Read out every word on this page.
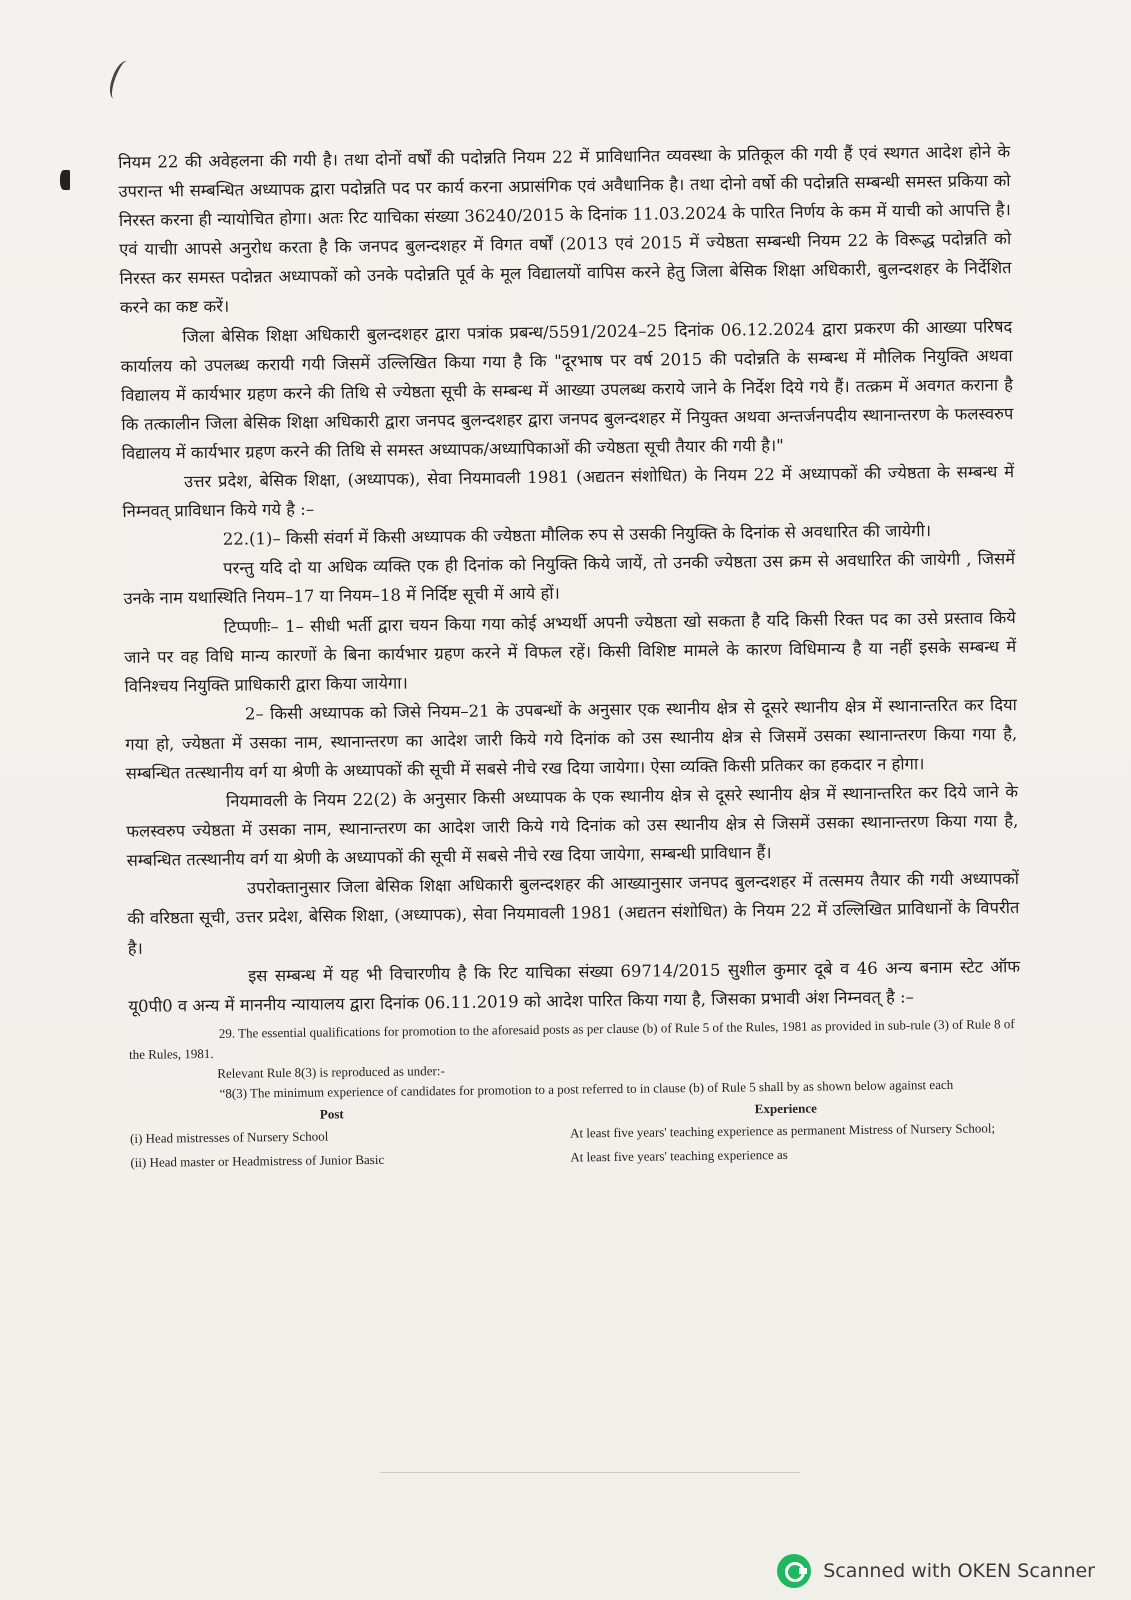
नियम 22 की अवेहलना की गयी है। तथा दोनों वर्षों की पदोन्नति नियम 22 में प्राविधानित व्यवस्था के प्रतिकूल की गयी हैं एवं स्थगत आदेश होने के उपरान्त भी सम्बन्धित अध्यापक द्वारा पदोन्नति पद पर कार्य करना अप्रासंगिक एवं अवैधानिक है। तथा दोनो वर्षो की पदोन्नति सम्बन्धी समस्त प्रकिया को निरस्त करना ही न्यायोचित होगा। अतः रिट याचिका संख्या 36240/2015 के दिनांक 11.03.2024 के पारित निर्णय के कम में याची को आपत्ति है। एवं याचीा आपसे अनुरोध करता है कि जनपद बुलन्दशहर में विगत वर्षों (2013 एवं 2015 में ज्येष्ठता सम्बन्धी नियम 22 के विरूद्ध पदोन्नति को निरस्त कर समस्त पदोन्नत अध्यापकों को उनके पदोन्नति पूर्व के मूल विद्यालयों वापिस करने हेतु जिला बेसिक शिक्षा अधिकारी, बुलन्दशहर के निर्देशित करने का कष्ट करें।

जिला बेसिक शिक्षा अधिकारी बुलन्दशहर द्वारा पत्रांक प्रबन्ध/5591/2024–25 दिनांक 06.12.2024 द्वारा प्रकरण की आख्या परिषद कार्यालय को उपलब्ध करायी गयी जिसमें उल्लिखित किया गया है कि "दूरभाष पर वर्ष 2015 की पदोन्नति के सम्बन्ध में मौलिक नियुक्ति अथवा विद्यालय में कार्यभार ग्रहण करने की तिथि से ज्येष्ठता सूची के सम्बन्ध में आख्या उपलब्ध कराये जाने के निर्देश दिये गये हैं। तत्क्रम में अवगत कराना है कि तत्कालीन जिला बेसिक शिक्षा अधिकारी द्वारा जनपद बुलन्दशहर द्वारा जनपद बुलन्दशहर में नियुक्त अथवा अन्तर्जनपदीय स्थानान्तरण के फलस्वरुप विद्यालय में कार्यभार ग्रहण करने की तिथि से समस्त अध्यापक/अध्यापिकाओं की ज्येष्ठता सूची तैयार की गयी है।"

उत्तर प्रदेश, बेसिक शिक्षा, (अध्यापक), सेवा नियमावली 1981 (अद्यतन संशोधित) के नियम 22 में अध्यापकों की ज्येष्ठता के सम्बन्ध में निम्नवत् प्राविधान किये गये है :–

22.(1)– किसी संवर्ग में किसी अध्यापक की ज्येष्ठता मौलिक रुप से उसकी नियुक्ति के दिनांक से अवधारित की जायेगी।

परन्तु यदि दो या अधिक व्यक्ति एक ही दिनांक को नियुक्ति किये जायें, तो उनकी ज्येष्ठता उस क्रम से अवधारित की जायेगी , जिसमें उनके नाम यथास्थिति नियम–17 या नियम–18 में निर्दिष्ट सूची में आये हों।

टिप्पणीः– 1– सीधी भर्ती द्वारा चयन किया गया कोई अभ्यर्थी अपनी ज्येष्ठता खो सकता है यदि किसी रिक्त पद का उसे प्रस्ताव किये जाने पर वह विधि मान्य कारणों के बिना कार्यभार ग्रहण करने में विफल रहें। किसी विशिष्ट मामले के कारण विधिमान्य है या नहीं इसके सम्बन्ध में विनिश्चय नियुक्ति प्राधिकारी द्वारा किया जायेगा।

2– किसी अध्यापक को जिसे नियम–21 के उपबन्धों के अनुसार एक स्थानीय क्षेत्र से दूसरे स्थानीय क्षेत्र में स्थानान्तरित कर दिया गया हो, ज्येष्ठता में उसका नाम, स्थानान्तरण का आदेश जारी किये गये दिनांक को उस स्थानीय क्षेत्र से जिसमें उसका स्थानान्तरण किया गया है, सम्बन्धित तत्स्थानीय वर्ग या श्रेणी के अध्यापकों की सूची में सबसे नीचे रख दिया जायेगा। ऐसा व्यक्ति किसी प्रतिकर का हकदार न होगा।

नियमावली के नियम 22(2) के अनुसार किसी अध्यापक के एक स्थानीय क्षेत्र से दूसरे स्थानीय क्षेत्र में स्थानान्तरित कर दिये जाने के फलस्वरुप ज्येष्ठता में उसका नाम, स्थानान्तरण का आदेश जारी किये गये दिनांक को उस स्थानीय क्षेत्र से जिसमें उसका स्थानान्तरण किया गया है, सम्बन्धित तत्स्थानीय वर्ग या श्रेणी के अध्यापकों की सूची में सबसे नीचे रख दिया जायेगा, सम्बन्धी प्राविधान हैं।

उपरोक्तानुसार जिला बेसिक शिक्षा अधिकारी बुलन्दशहर की आख्यानुसार जनपद बुलन्दशहर में तत्समय तैयार की गयी अध्यापकों की वरिष्ठता सूची, उत्तर प्रदेश, बेसिक शिक्षा, (अध्यापक), सेवा नियमावली 1981 (अद्यतन संशोधित) के नियम 22 में उल्लिखित प्राविधानों के विपरीत है।

इस सम्बन्ध में यह भी विचारणीय है कि रिट याचिका संख्या 69714/2015 सुशील कुमार दूबे व 46 अन्य बनाम स्टेट ऑफ यू0पी0 व अन्य में माननीय न्यायालय द्वारा दिनांक 06.11.2019 को आदेश पारित किया गया है, जिसका प्रभावी अंश निम्नवत् है :–

29. The essential qualifications for promotion to the aforesaid posts as per clause (b) of Rule 5 of the Rules, 1981 as provided in sub-rule (3) of Rule 8 of the Rules, 1981.

Relevant Rule 8(3) is reproduced as under:-

“8(3) The minimum experience of candidates for promotion to a post referred to in clause (b) of Rule 5 shall by as shown below against each

Post	Experience
(i) Head mistresses of Nursery School	At least five years' teaching experience as permanent Mistress of Nursery School;
(ii) Head master or Headmistress of Junior Basic	At least five years' teaching experience as
Scanned with OKEN Scanner
